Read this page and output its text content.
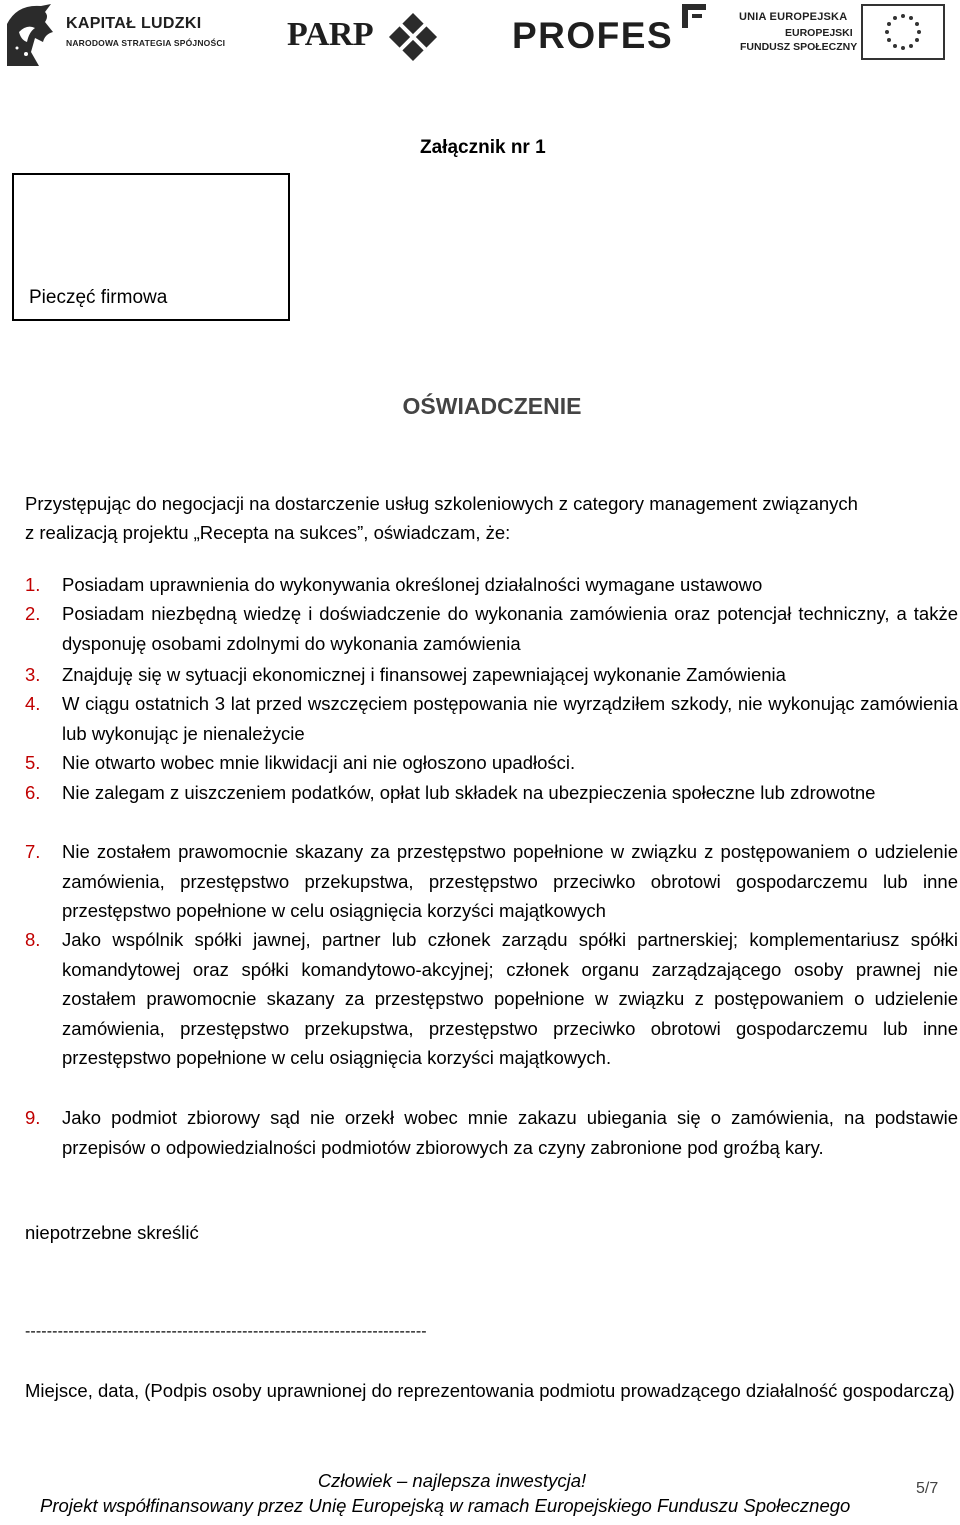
KAPITAŁ LUDZKI
NARODOWA STRATEGIA SPÓJNOŚCI PARP	PROFES	UNIA EUROPEJSKA
EUROPEJSKI
FUNDUSZ SPOŁECZNY
Załącznik nr 1
Pieczęć firmowa
OŚWIADCZENIE
Przystępując do negocjacji na dostarczenie usług szkoleniowych z category management związanych
z realizacją projektu „Recepta na sukces”, oświadczam, że:
1. Posiadam uprawnienia do wykonywania określonej działalności wymagane ustawowo
2. Posiadam niezbędną wiedzę i doświadczenie do wykonania zamówienia oraz potencjał techniczny, a także dysponuję osobami zdolnymi do wykonania zamówienia
3. Znajduję się w sytuacji ekonomicznej i finansowej zapewniającej wykonanie Zamówienia
4. W ciągu ostatnich 3 lat przed wszczęciem postępowania nie wyrządziłem szkody, nie wykonując zamówienia lub wykonując je nienależycie
5. Nie otwarto wobec mnie likwidacji ani nie ogłoszono upadłości.
6. Nie zalegam z uiszczeniem podatków, opłat lub składek na ubezpieczenia społeczne lub zdrowotne
7. Nie zostałem prawomocnie skazany za przestępstwo popełnione w związku z postępowaniem o udzielenie zamówienia, przestępstwo przekupstwa, przestępstwo przeciwko obrotowi gospodarczemu lub inne przestępstwo popełnione w celu osiągnięcia korzyści majątkowych
8. Jako wspólnik spółki jawnej, partner lub członek zarządu spółki partnerskiej; komplementariusz spółki komandytowej oraz spółki komandytowo-akcyjnej; członek organu zarządzającego osoby prawnej nie zostałem prawomocnie skazany za przestępstwo popełnione w związku z postępowaniem o udzielenie zamówienia, przestępstwo przekupstwa, przestępstwo przeciwko obrotowi gospodarczemu lub inne przestępstwo popełnione w celu osiągnięcia korzyści majątkowych.
9. Jako podmiot zbiorowy sąd nie orzekł wobec mnie zakazu ubiegania się o zamówienia, na podstawie przepisów o odpowiedzialności podmiotów zbiorowych za czyny zabronione pod groźbą kary.
niepotrzebne skreślić
--------------------------------------------------------------------------
Miejsce, data, (Podpis osoby uprawnionej do reprezentowania podmiotu prowadzącego działalność gospodarczą)
Człowiek – najlepsza inwestycja!
Projekt współfinansowany przez Unię Europejską w ramach Europejskiego Funduszu Społecznego
5/7
